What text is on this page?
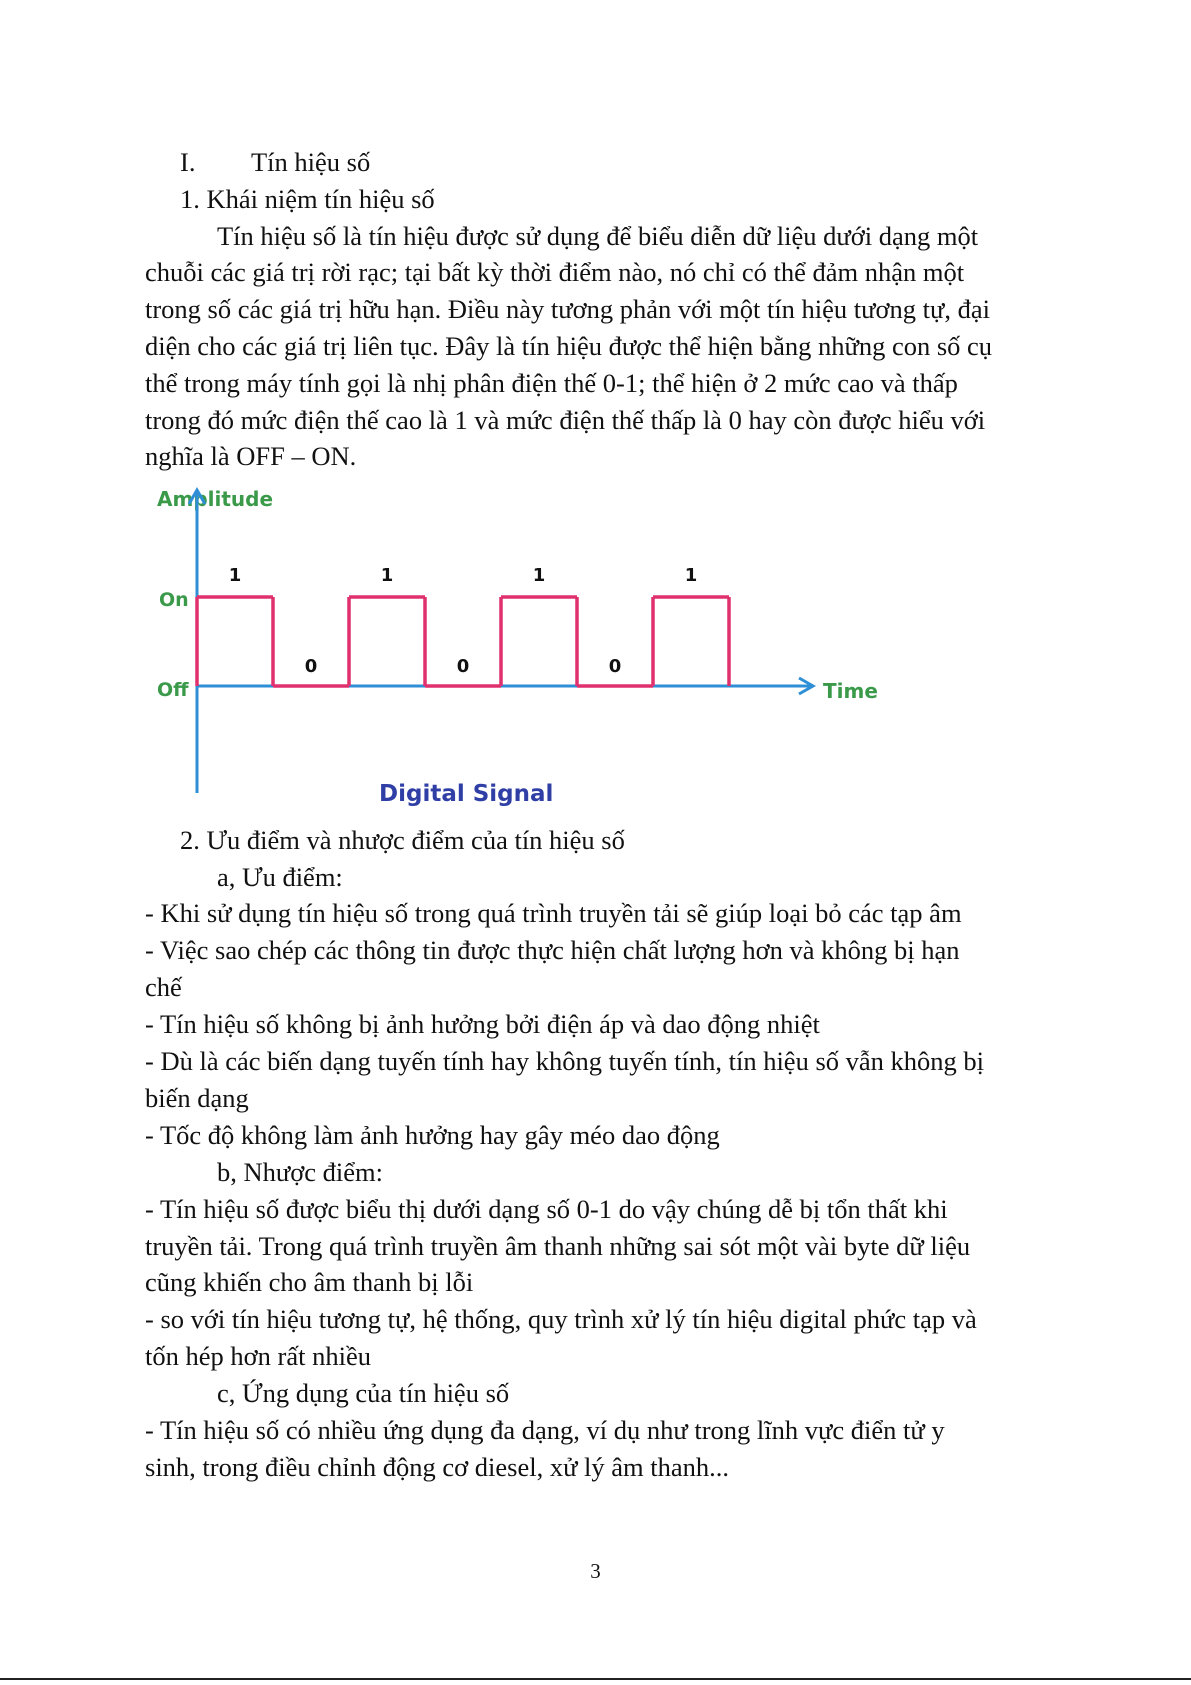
I. Tín hiệu số
1. Khái niệm tín hiệu số
Tín hiệu số là tín hiệu được sử dụng để biểu diễn dữ liệu dưới dạng một
chuỗi các giá trị rời rạc; tại bất kỳ thời điểm nào, nó chỉ có thể đảm nhận một
trong số các giá trị hữu hạn. Điều này tương phản với một tín hiệu tương tự, đại
diện cho các giá trị liên tục. Đây là tín hiệu được thể hiện bằng những con số cụ
thể trong máy tính gọi là nhị phân điện thế 0-1; thể hiện ở 2 mức cao và thấp
trong đó mức điện thế cao là 1 và mức điện thế thấp là 0 hay còn được hiểu với
nghĩa là OFF – ON.
Amplitude
Time
Digital Signal
On
Off
1
0
1
0
1
0
1
2. Ưu điểm và nhược điểm của tín hiệu số
a, Ưu điểm:
- Khi sử dụng tín hiệu số trong quá trình truyền tải sẽ giúp loại bỏ các tạp âm
- Việc sao chép các thông tin được thực hiện chất lượng hơn và không bị hạn
chế
- Tín hiệu số không bị ảnh hưởng bởi điện áp và dao động nhiệt
- Dù là các biến dạng tuyến tính hay không tuyến tính, tín hiệu số vẫn không bị
biến dạng
- Tốc độ không làm ảnh hưởng hay gây méo dao động
b, Nhược điểm:
- Tín hiệu số được biểu thị dưới dạng số 0-1 do vậy chúng dễ bị tổn thất khi
truyền tải. Trong quá trình truyền âm thanh những sai sót một vài byte dữ liệu
cũng khiến cho âm thanh bị lỗi
- so với tín hiệu tương tự, hệ thống, quy trình xử lý tín hiệu digital phức tạp và
tốn hép hơn rất nhiều
c, Ứng dụng của tín hiệu số
- Tín hiệu số có nhiều ứng dụng đa dạng, ví dụ như trong lĩnh vực điển tử y
sinh, trong điều chỉnh động cơ diesel, xử lý âm thanh...
3
